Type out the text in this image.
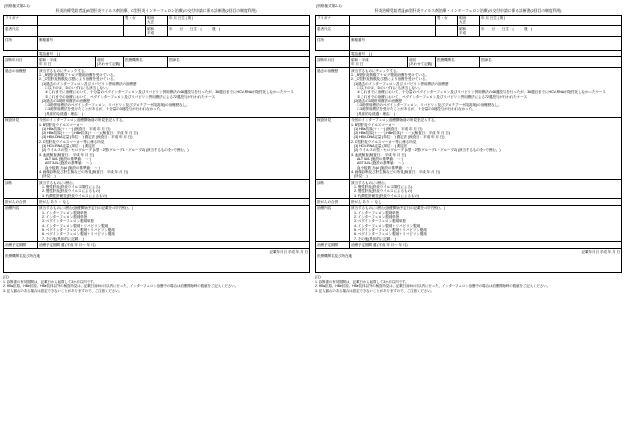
(別紙様式第2-1)
肝炎治療受給者証(B型肝炎ウイルス剤治療、C型肝炎インターフェロン治療)の交付申請に係る診断書(2回目の制度利用)
フリガナ			男・女	明治
大正	年 月 日生 ( 歳 )
患者氏名				昭和
平成	年　　月　　日生　(　　　歳　)
住所	郵便番号				

	電話番号 ( )				
診断年月日	昭和・平成
年 月 日
	前回
(あわせて記載)	医療機関名	医師名
過去の治療歴	該当するものにチェックする。
1. _B型肝炎核酸アナログ製剤治療を受けている。
2. _C型肝炎核酸及び歴により治療を受けている。
(1)過去のインターフェロン及びリバビリン併用療法の治療歴
□ 以下の①、②のいずれにも該当しない。
①これまでに治療において、十分量のペグインターフェロン及びリバビリン併用療法の48週投与を行ったが、36週目までにHCV-RNAが陰性化しなかったケース
②これまでの治療において、ペグインターフェロン及びリバビリン併用療法による72週投与が行われたケース
(2)過去の3剤併用療法の治療歴
□ 3剤併用療法のペグインターフェロン、リバビリン及びプロテアーゼ阻害剤)の治療歴なし。
□ 3剤併用療法を受けたことがあるが、十分量の3剤投与が行われなかった。
(具体的な経過・理由： )

検査所見	今回のインターフェロン治療開始前の所見を記入する。
1. B型肝炎ウイルスマーカー
(1) HBs抗原(＋・－) (検査日：平成 年 月 日)
(2) HBe抗原(＋・－) HBe抗体(＋・－) (検査日：平成 年 月 日)
(3) HBV-DNA定量 (単位： ) 測定法 (検査日：平成 年 月 日)
2. C型肝炎ウイルスマーカー等に係る所見
(1) HCV-RNA定量 (単位： ) 測定法
(2) ウイルスの型・セログループ (1型・2型/グループ1・グループ2) (該当するものを○で囲む。)
3. 血液検査(検査日： 平成 年 月 日)
ALT IU/L (施設の基準値： ～ )
AST IU/L (施設の基準値： ～ )
血小板数 万/μl (施設の基準値： ～ )
4. 画像診断及び肝生検などの所見(検査日：平成 年 月 日)
(所見： )

診断	該当するものに○囲む。
1. 慢性肝炎(肝炎ウイルス陽性による)
2. 慢性肝炎(肝炎ウイルスによるもの)
3. 代償性肝硬変(肝炎ウイルスによるもの)				

肝がんの合併	肝がん あり ・ なし				
治療内容	該当するものに○囲む(治療開始予定日の記載を○印で囲む。)
1. インターフェロン製剤単独
2. インターフェロン製剤単独
3. ペグインターフェロン製剤単独
4. インターフェロン製剤＋リバビリン製剤
5. ペグインターフェロン製剤＋リバビリン製剤
6. ペグインターフェロン製剤＋リバビリン製剤
7. その他(具体的に記載： )

治療予定期間	治療予定期間 週 (平成 年 月～ 年 月)				

記載年月日 平成 年 月 日
医療機関名及び所在地					
(注)
1. 診断書の有効期間は、記載日から起算して3か月以内です。
2. HBs抗原、HBe抗原、HBe抗体以外の検査所見は、記載日前6か月以内に行った、インターフェロン治療中の場合は治療開始時の数値をご記入ください。
3. 記入漏れのある場合は認定できないことがありますので、ご注意ください。
(別紙様式第2-1)
肝炎治療受給者証(B型肝炎ウイルス剤治療・インターフェロン治療)の交付申請に係る診断書(2回目の制度利用)
フリガナ			男・女	明治
大正	年 月 日生 ( 歳 )
患者氏名				昭和
平成	年　　月　　日生　(　　　歳　)
住所	郵便番号				

	電話番号 ( )				
診断年月日	昭和・平成
年 月 日
	前回
(あわせて記載)	医療機関名	医師名
過去の治療歴	該当するものにチェックする。
1. _B型肝炎核酸アナログ製剤治療を受けている。
2. _C型肝炎核酸及び歴により治療を受けている。
(1)過去のインターフェロン及びリバビリン併用療法の治療歴
□ 以下の①、②のいずれにも該当しない。
①これまでに治療において、十分量のペグインターフェロン及びリバビリン併用療法の48週投与を行ったが、36週目までにHCV-RNAが陰性化しなかったケース
②これまでの治療において、ペグインターフェロン及びリバビリン併用療法による72週投与が行われたケース
(2)過去の3剤併用療法の治療歴
□ 3剤併用療法のペグインターフェロン、リバビリン及びプロテアーゼ阻害剤)の治療歴なし。
□ 3剤併用療法を受けたことがあるが、十分量の3剤投与が行われなかった。
(具体的な経過・理由： )

検査所見	今回のインターフェロン治療開始前の所見を記入する。
1. B型肝炎ウイルスマーカー
(1) HBs抗原(＋・－) (検査日：平成 年 月 日)
(2) HBe抗原(＋・－) HBe抗体(＋・－) (検査日：平成 年 月 日)
(3) HBV-DNA定量 (単位： ) 測定法 (検査日：平成 年 月 日)
2. C型肝炎ウイルスマーカー等に係る所見
(1) HCV-RNA定量 (単位： ) 測定法
(2) ウイルスの型・セログループ (1型・2型/グループ1・グループ2) (該当するものを○で囲む。)
3. 血液検査(検査日： 平成 年 月 日)
ALT IU/L (施設の基準値： ～ )
AST IU/L (施設の基準値： ～ )
血小板数 万/μl (施設の基準値： ～ )
4. 画像診断及び肝生検などの所見(検査日：平成 年 月 日)
(所見： )

診断	該当するものに○囲む。
1. 慢性肝炎(肝炎ウイルス陽性による)
2. 慢性肝炎(肝炎ウイルスによるもの)
3. 代償性肝硬変(肝炎ウイルスによるもの)				

肝がんの合併	肝がん あり ・ なし				
治療内容	該当するものに○囲む(治療開始予定日の記載を○印で囲む。)
1. インターフェロン製剤単独
2. インターフェロン製剤単独
3. ペグインターフェロン製剤単独
4. インターフェロン製剤＋リバビリン製剤
5. ペグインターフェロン製剤＋リバビリン製剤
6. ペグインターフェロン製剤＋リバビリン製剤
7. その他(具体的に記載： )

治療予定期間	治療予定期間 週 (平成 年 月～ 年 月)				

記載年月日 平成 年 月 日
医療機関名及び所在地					
(注)
1. 診断書の有効期間は、記載日から起算して3か月以内です。
2. HBs抗原、HBe抗原、HBe抗体以外の検査所見は、記載日前6か月以内に行った、インターフェロン治療中の場合は治療開始時の数値をご記入ください。
3. 記入漏れのある場合は認定できないことがありますので、ご注意ください。
